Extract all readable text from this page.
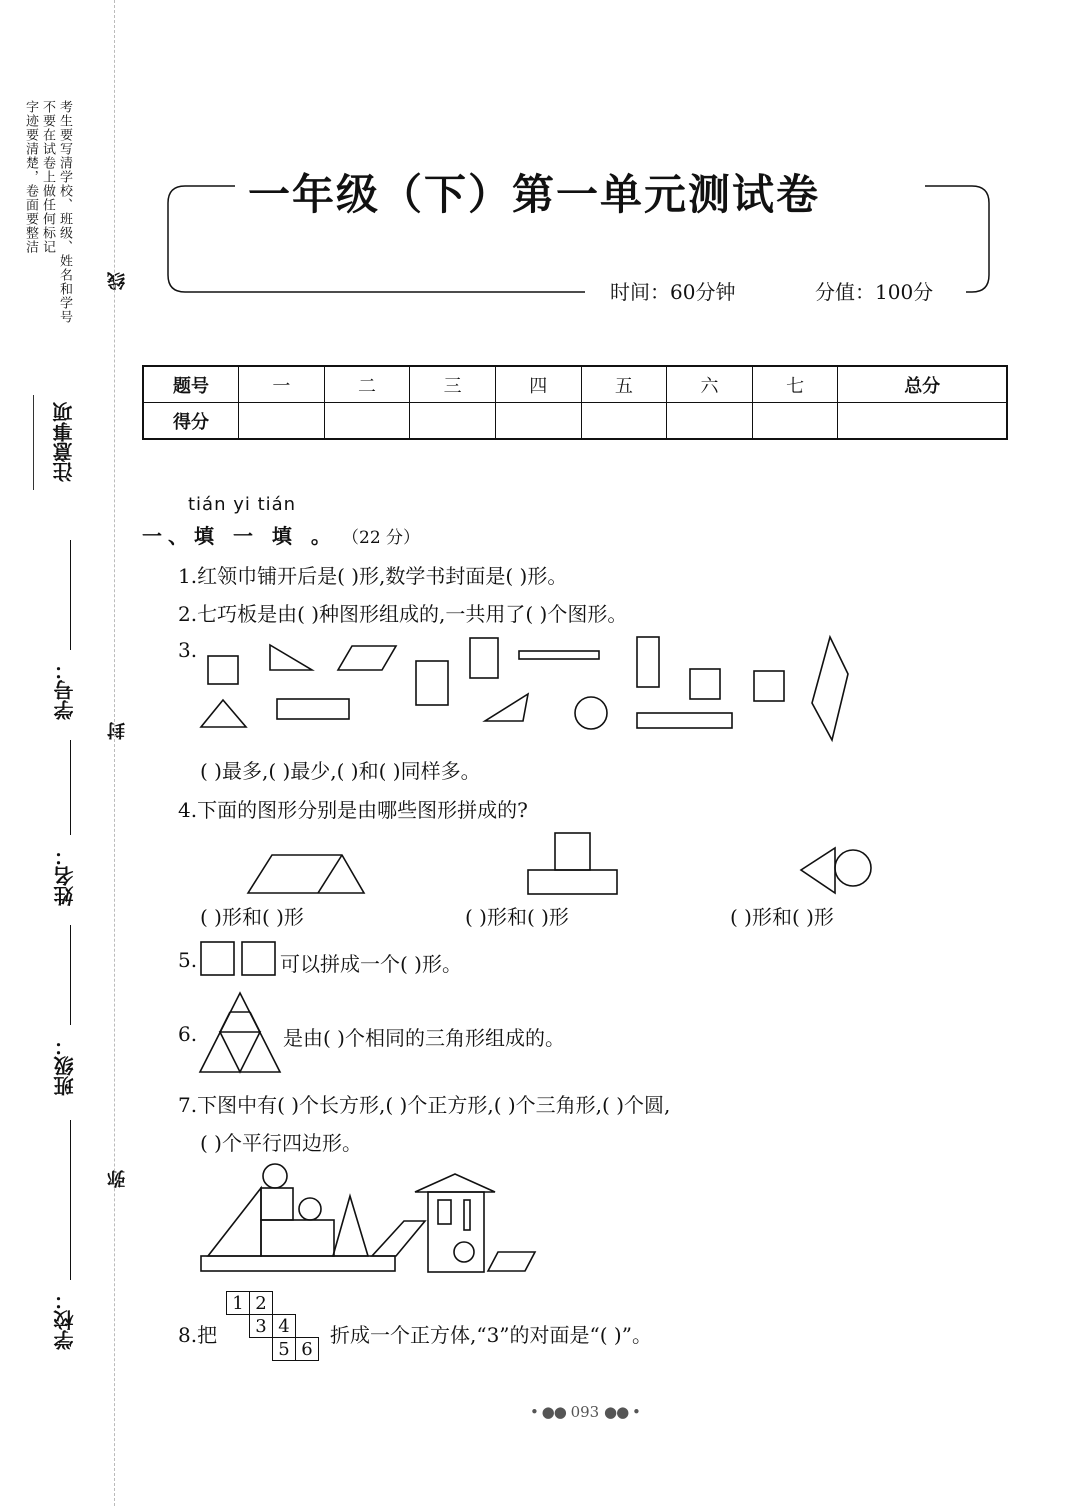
考生要写清学校、班级、姓名和学号
不要在试卷上做任何标记
字迹要清楚，卷面要整洁
注意事项
线
封
弥
学号：
姓名：
班级：
学校：
一年级（下）第一单元测试卷
时间：60分钟	分值：100分
题号	一	二	三	四	五	六	七	总分
得分								
tián yi tián
一、填 一 填 。 （22 分）
1.红领巾铺开后是( )形,数学书封面是( )形。
2.七巧板是由( )种图形组成的,一共用了( )个图形。
3.
( )最多,( )最少,( )和( )同样多。
4.下面的图形分别是由哪些图形拼成的?
( )形和( )形	( )形和( )形	( )形和( )形
5.	可以拼成一个( )形。
6.	是由( )个相同的三角形组成的。
7.下图中有( )个长方形,( )个正方形,( )个三角形,( )个圆,
( )个平行四边形。
8.把
1	2		
	3	4	
		5	6
折成一个正方体,“3”的对面是“( )”。
• ●● 093 ●● •
